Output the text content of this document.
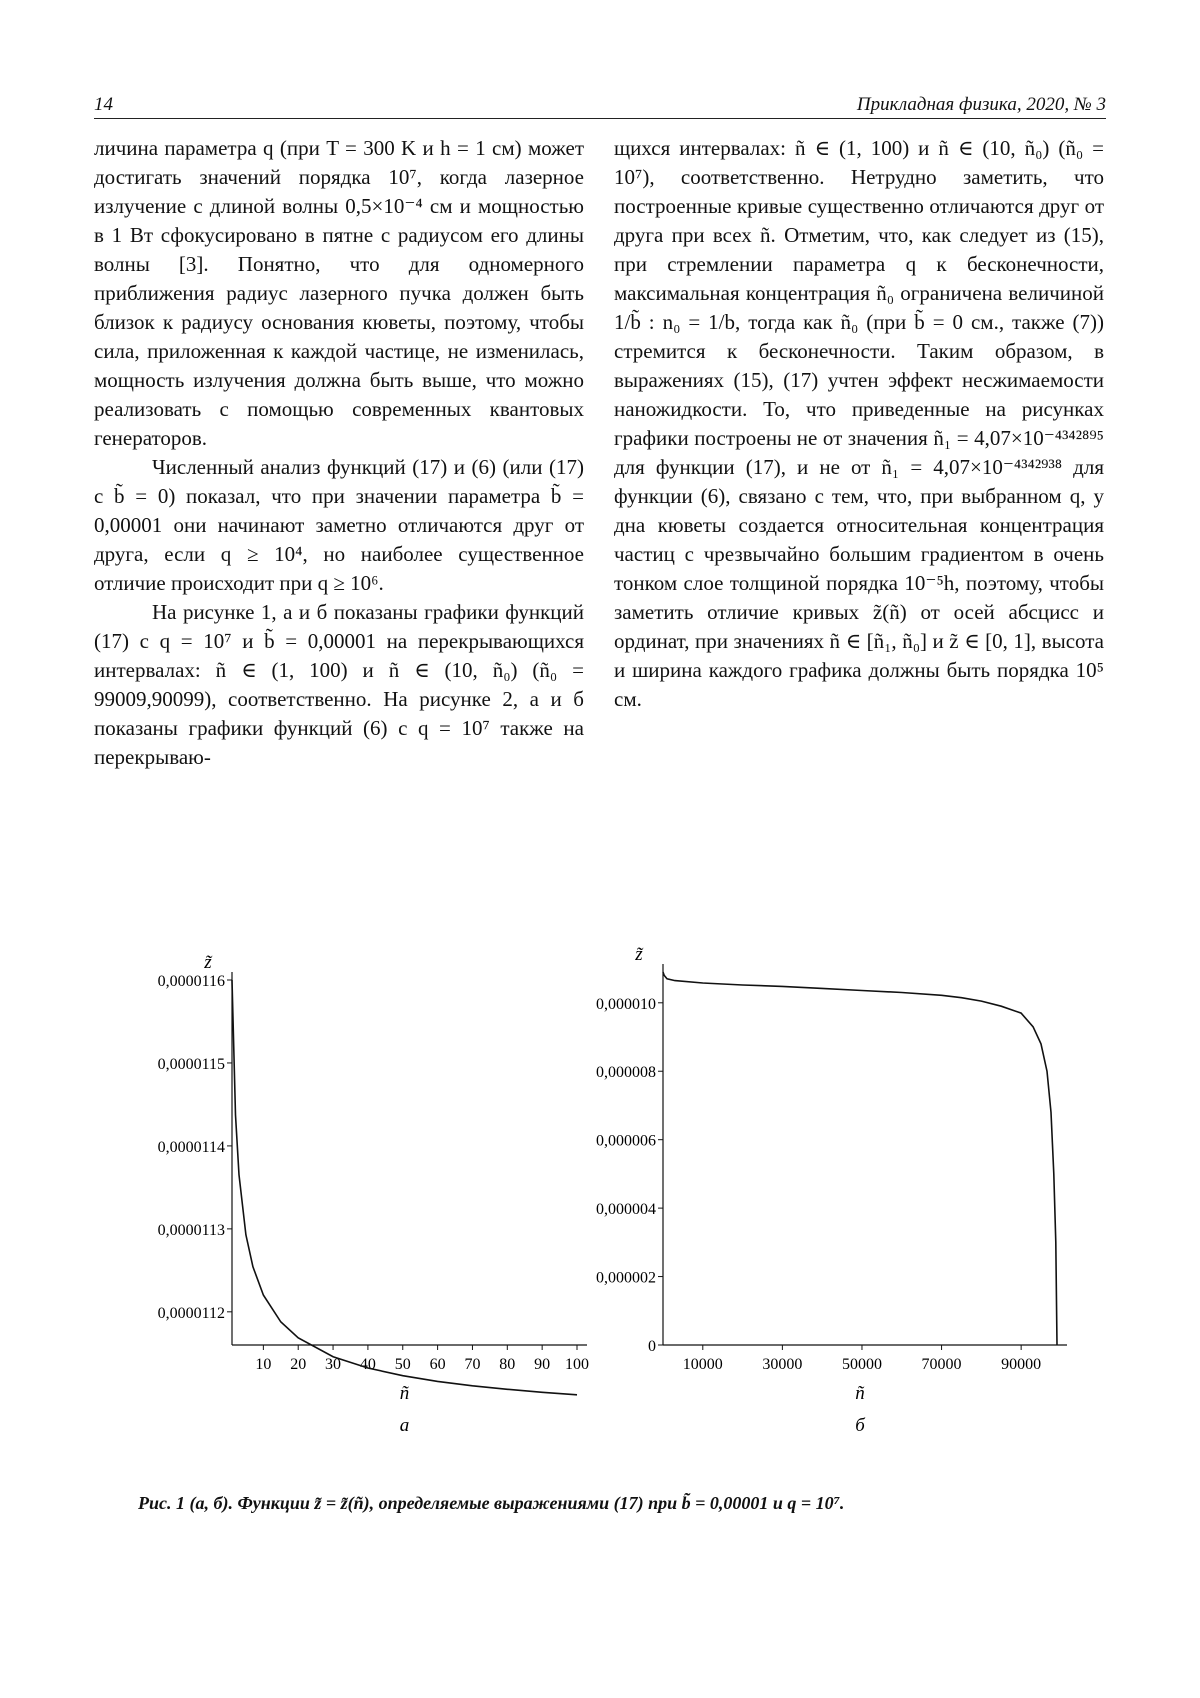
14	Прикладная физика, 2020, № 3

личина параметра q (при T = 300 K и h = 1 см) может достигать значений порядка 10⁷, когда лазерное излучение с длиной волны 0,5×10⁻⁴ см и мощностью в 1 Вт сфокусировано в пятне с радиусом его длины волны [3]. Понятно, что для одномерного приближения радиус лазерного пучка должен быть близок к радиусу основания кюветы, поэтому, чтобы сила, приложенная к каждой частице, не изменилась, мощность излучения должна быть выше, что можно реализовать с помощью современных квантовых генераторов.

Численный анализ функций (17) и (6) (или (17) с b̃ = 0) показал, что при значении параметра b̃ = 0,00001 они начинают заметно отличаются друг от друга, если q ≥ 10⁴, но наиболее существенное отличие происходит при q ≥ 10⁶.

На рисунке 1, а и б показаны графики функций (17) с q = 10⁷ и b̃ = 0,00001 на перекрывающихся интервалах: ñ ∈ (1, 100) и ñ ∈ (10, ñ₀) (ñ₀ = 99009,90099), соответственно. На рисунке 2, а и б показаны графики функций (6) с q = 10⁷ также на перекрываю-

щихся интервалах: ñ ∈ (1, 100) и ñ ∈ (10, ñ₀) (ñ₀ = 10⁷), соответственно. Нетрудно заметить, что построенные кривые существенно отличаются друг от друга при всех ñ. Отметим, что, как следует из (15), при стремлении параметра q к бесконечности, максимальная концентрация ñ₀ ограничена величиной 1/b̃ : n₀ = 1/b, тогда как ñ₀ (при b̃ = 0 см., также (7)) стремится к бесконечности. Таким образом, в выражениях (15), (17) учтен эффект несжимаемости наножидкости. То, что приведенные на рисунках графики построены не от значения ñ₁ = 4,07×10⁻⁴³⁴²⁸⁹⁵ для функции (17), и не от ñ₁ = 4,07×10⁻⁴³⁴²⁹³⁸ для функции (6), связано с тем, что, при выбранном q, у дна кюветы создается относительная концентрация частиц с чрезвычайно большим градиентом в очень тонком слое толщиной порядка 10⁻⁵h, поэтому, чтобы заметить отличие кривых z̃(ñ) от осей абсцисс и ординат, при значениях ñ ∈ [ñ₁, ñ₀] и z̃ ∈ [0, 1], высота и ширина каждого графика должны быть порядка 10⁵ см.

0,0000112
0,0000113
0,0000114
0,0000115
0,0000116
10 20 30 40 50 60 70 80 90 100
z̃
ñ
а
0
0,000002
0,000004
0,000006
0,000008
0,000010
10000 30000 50000 70000 90000
z̃
ñ
б
Рис. 1 (а, б). Функции z̃ = z̃(ñ), определяемые выражениями (17) при b̃ = 0,00001 и q = 10⁷.
